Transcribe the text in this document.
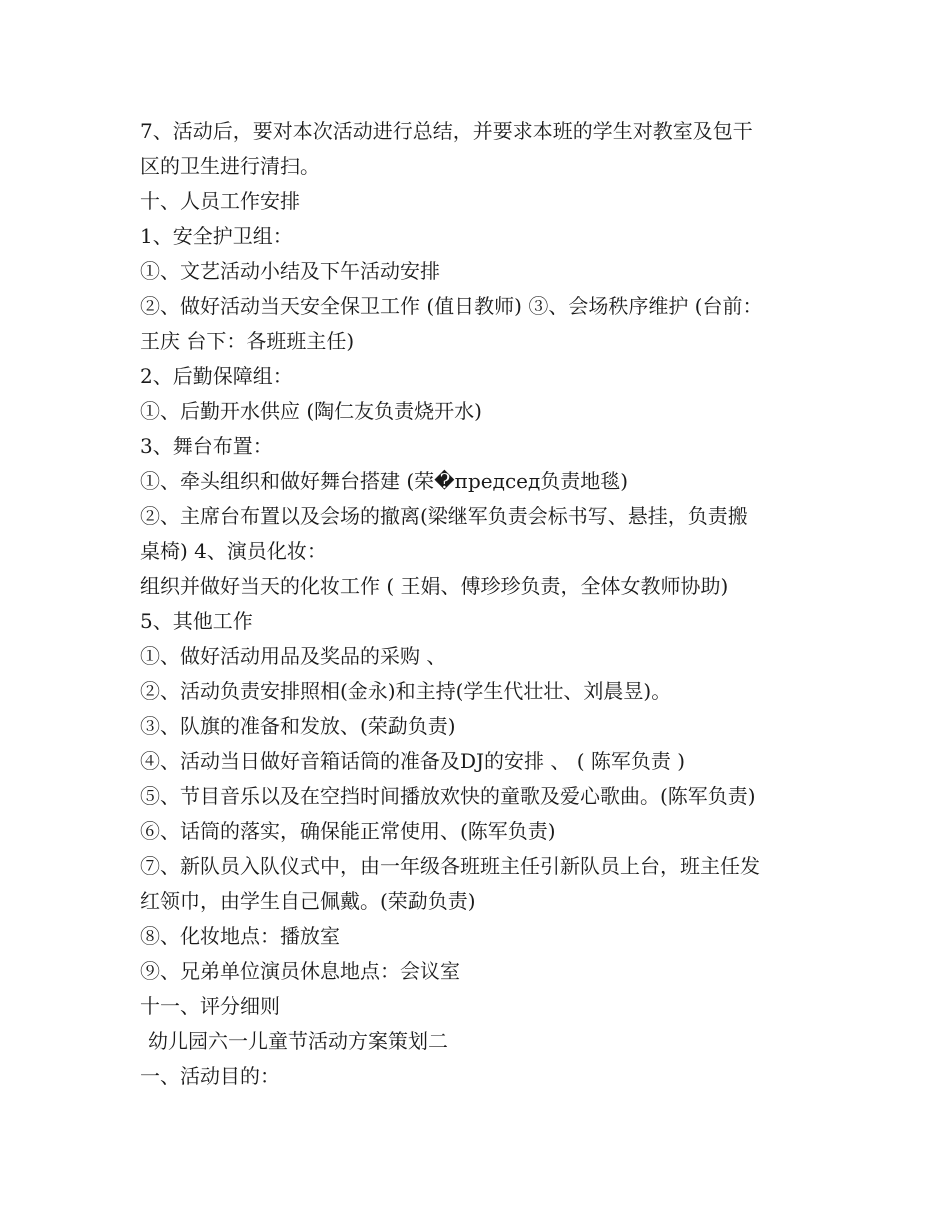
7、活动后，要对本次活动进行总结，并要求本班的学生对教室及包干

区的卫生进行清扫。

十、人员工作安排

1、安全护卫组：

①、文艺活动小结及下午活动安排

②、做好活动当天安全保卫工作 (值日教师) ③、会场秩序维护 (台前：

王庆 台下：各班班主任)

2、后勤保障组：

①、后勤开水供应 (陶仁友负责烧开水)

3、舞台布置：

①、牵头组织和做好舞台搭建 (荣�председ负责地毯)

②、主席台布置以及会场的撤离(梁继军负责会标书写、悬挂，负责搬

桌椅) 4、演员化妆：

组织并做好当天的化妆工作 ( 王娟、傅珍珍负责，全体女教师协助)

5、其他工作

①、做好活动用品及奖品的采购 、

②、活动负责安排照相(金永)和主持(学生代壮壮、刘晨昱)。

③、队旗的准备和发放、(荣勐负责)

④、活动当日做好音箱话筒的准备及DJ的安排 、 ( 陈军负责 )

⑤、节目音乐以及在空挡时间播放欢快的童歌及爱心歌曲。(陈军负责)

⑥、话筒的落实，确保能正常使用、(陈军负责)

⑦、新队员入队仪式中，由一年级各班班主任引新队员上台，班主任发

红领巾，由学生自己佩戴。(荣勐负责)

⑧、化妆地点：播放室

⑨、兄弟单位演员休息地点：会议室

十一、评分细则

幼儿园六一儿童节活动方案策划二

一、活动目的：
